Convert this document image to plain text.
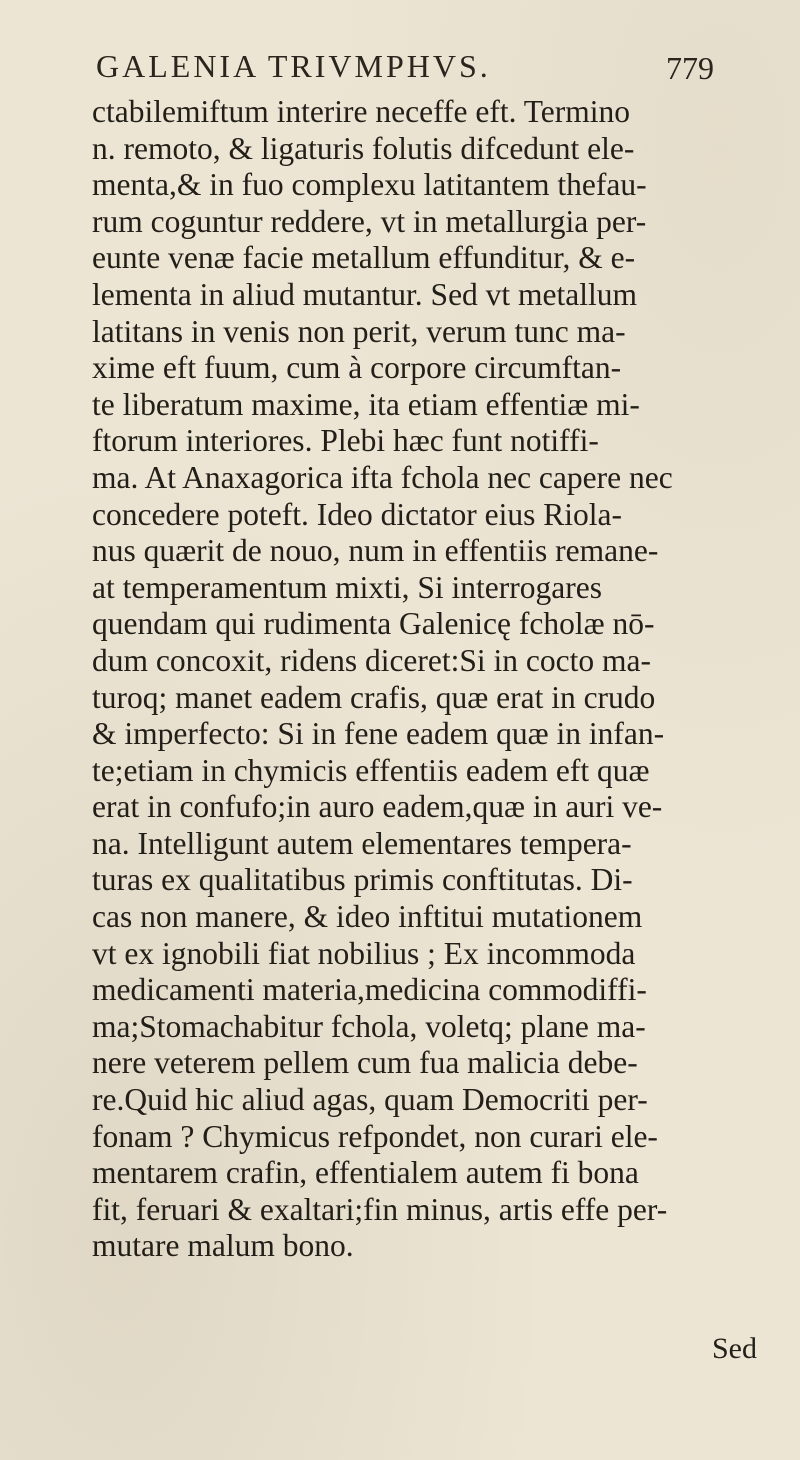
GALENIA TRIVMPHVS.	779
ctabilemiftum interire neceffe eft. Termino
n. remoto, & ligaturis folutis difcedunt ele-
menta,& in fuo complexu latitantem thefau-
rum coguntur reddere, vt in metallurgia per-
eunte venæ facie metallum effunditur, & e-
lementa in aliud mutantur. Sed vt metallum
latitans in venis non perit, verum tunc ma-
xime eft fuum, cum à corpore circumftan-
te liberatum maxime, ita etiam effentiæ mi-
ftorum interiores. Plebi hæc funt notiffi-
ma. At Anaxagorica ifta fchola nec capere nec
concedere poteft. Ideo dictator eius Riola-
nus quærit de nouo, num in effentiis remane-
at temperamentum mixti, Si interrogares
quendam qui rudimenta Galenicę fcholæ nō-
dum concoxit, ridens diceret:Si in cocto ma-
turoq; manet eadem crafis, quæ erat in crudo
& imperfecto: Si in fene eadem quæ in infan-
te;etiam in chymicis effentiis eadem eft quæ
erat in confufo;in auro eadem,quæ in auri ve-
na. Intelligunt autem elementares tempera-
turas ex qualitatibus primis conftitutas. Di-
cas non manere, & ideo inftitui mutationem
vt ex ignobili fiat nobilius ; Ex incommoda
medicamenti materia,medicina commodiffi-
ma;Stomachabitur fchola, voletq; plane ma-
nere veterem pellem cum fua malicia debe-
re.Quid hic aliud agas, quam Democriti per-
fonam ? Chymicus refpondet, non curari ele-
mentarem crafin, effentialem autem fi bona
fit, feruari & exaltari;fin minus, artis effe per-
mutare malum bono.
Sed
